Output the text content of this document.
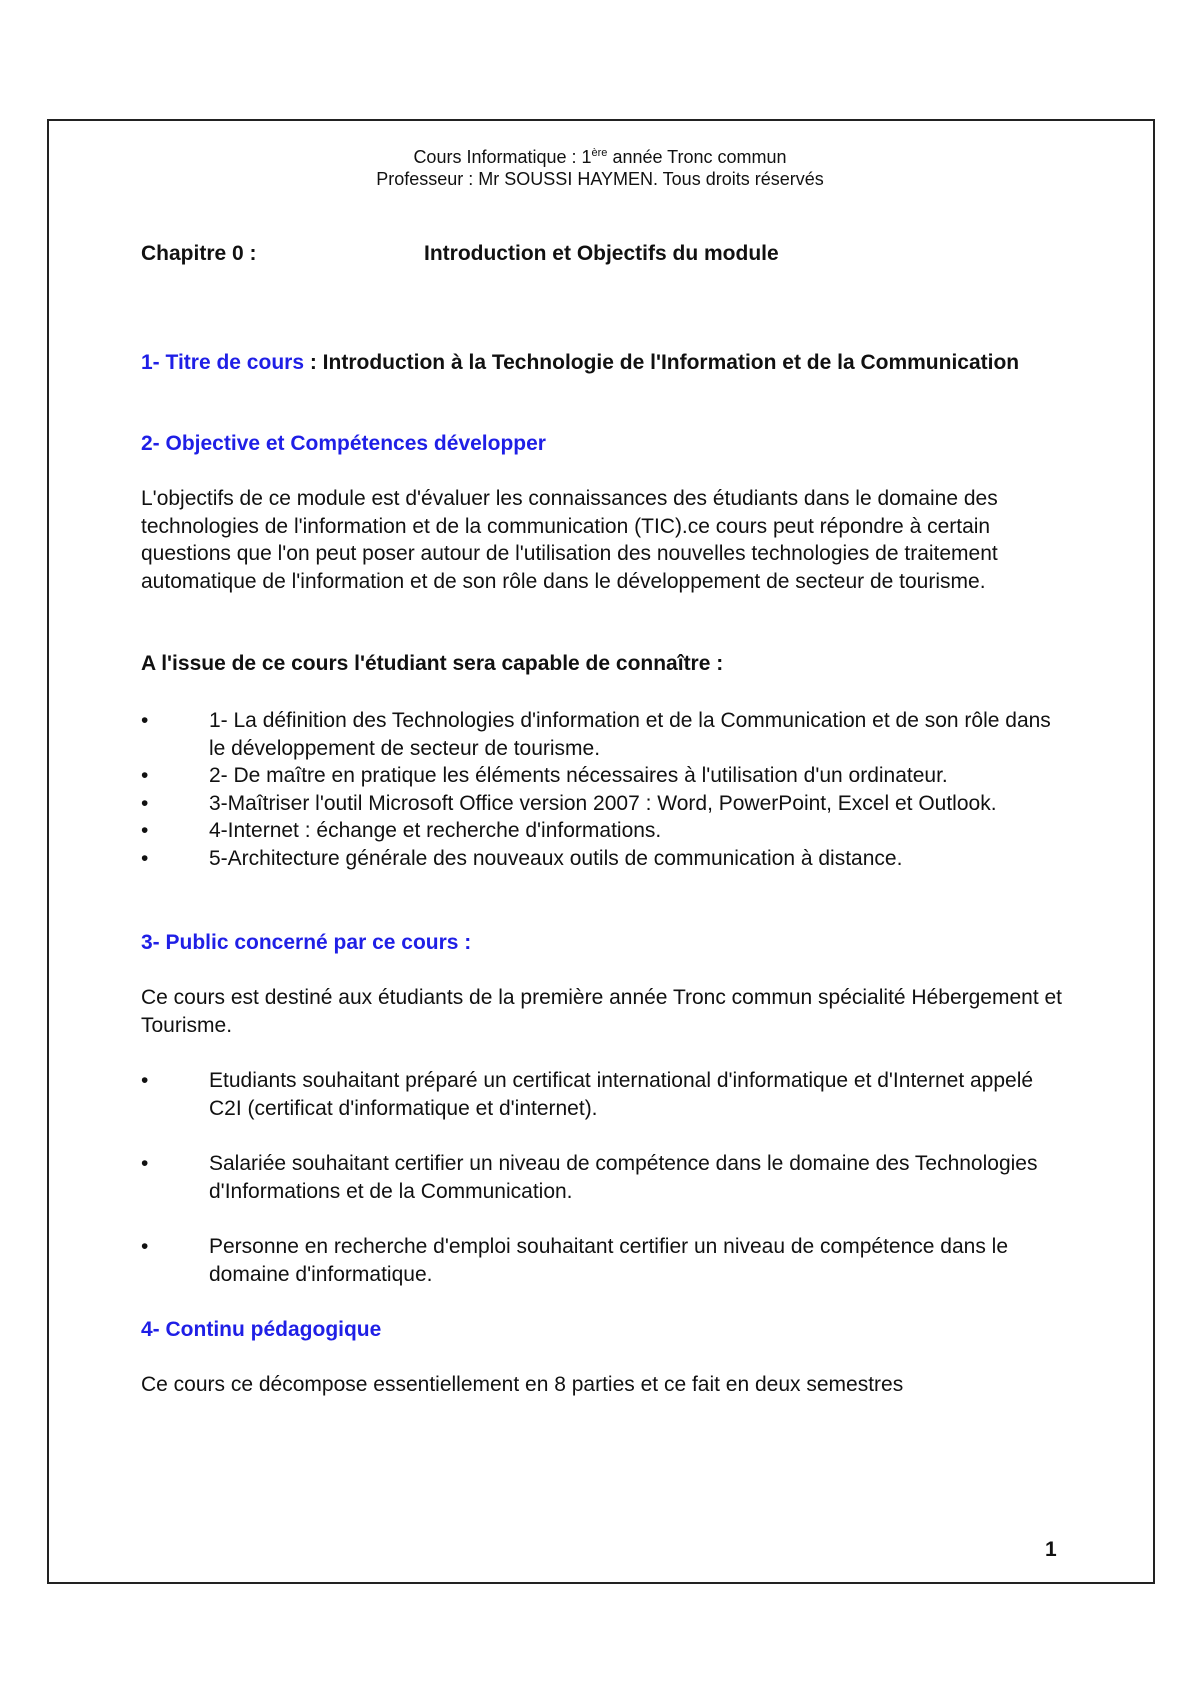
Cours Informatique : 1ère année Tronc commun
Professeur : Mr SOUSSI HAYMEN. Tous droits réservés
Chapitre 0 :	Introduction et Objectifs du module
1- Titre de cours : Introduction à la Technologie de l'Information et de la Communication
2- Objective et Compétences développer
L'objectifs de ce module est d'évaluer les connaissances des étudiants dans le domaine des technologies de l'information et de la communication (TIC).ce cours peut répondre à certain questions que l'on peut poser autour de l'utilisation des nouvelles technologies de traitement automatique de l'information et de son rôle dans le développement de secteur de tourisme.
A l'issue de ce cours l'étudiant sera capable de connaître :
•	1- La définition des Technologies d'information et de la Communication et de son rôle dans le développement de secteur de tourisme.
•	2- De maître en pratique les éléments nécessaires à l'utilisation d'un ordinateur.
•	3-Maîtriser l'outil Microsoft Office version 2007 : Word, PowerPoint, Excel et Outlook.
•	4-Internet : échange et recherche d'informations.
•	5-Architecture générale des nouveaux outils de communication à distance.
3- Public concerné par ce cours :
Ce cours est destiné aux étudiants de la première année Tronc commun spécialité Hébergement et Tourisme.
•	Etudiants souhaitant préparé un certificat international d'informatique et d'Internet appelé C2I (certificat d'informatique et d'internet).
•	Salariée souhaitant certifier un niveau de compétence dans le domaine des Technologies d'Informations et de la Communication.
•	Personne en recherche d'emploi souhaitant certifier un niveau de compétence dans le domaine d'informatique.
4- Continu pédagogique
Ce cours ce décompose essentiellement en 8 parties et ce fait en deux semestres
1
